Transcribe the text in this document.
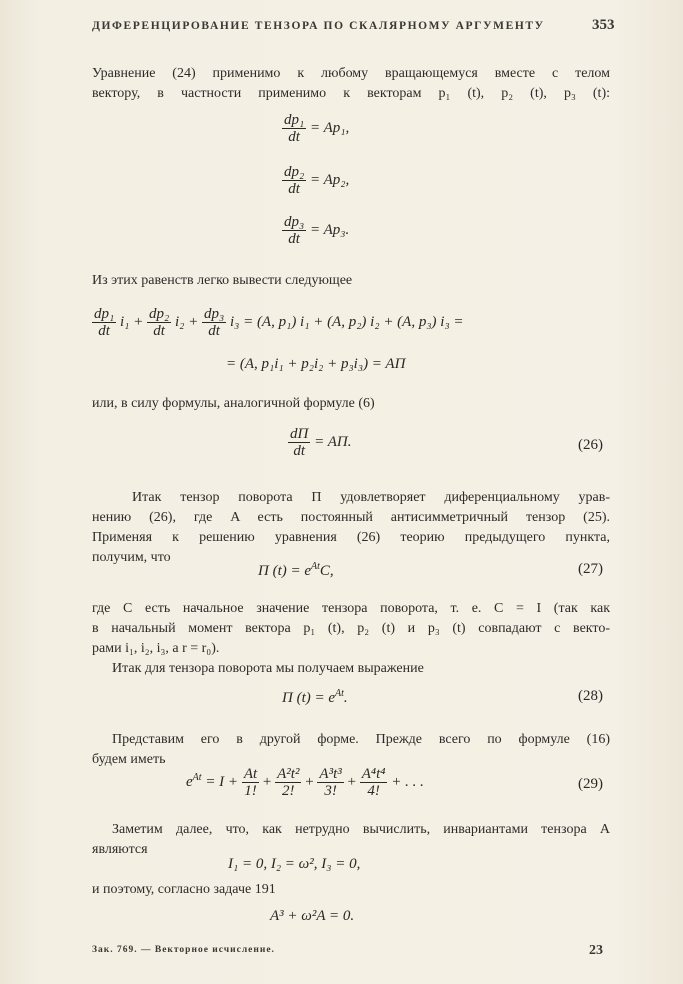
ДИФЕРЕНЦИРОВАНИЕ ТЕНЗОРА ПО СКАЛЯРНОМУ АРГУМЕНТУ	353
Уравнение (24) применимо к любому вращающемуся вместе с телом
вектору, в частности применимо к векторам p₁ (t), p₂ (t), p₃ (t):
$\frac{\text{dp₁}}{dt} = Ap_1$,
$\frac{\text{dp₂}}{dt} = Ap_2$,
$\frac{\text{dp₃}}{dt} = Ap_3$.
Из этих равенств легко вывести следующее
$\frac{\text{dp₁}}{dt} i_1 + \frac{\text{dp₂}}{dt} i_2 + \frac{\text{dp₃}}{dt} i_3 = (A$, p₁) i₁ + (A, p₂) i₂ + (A, p₃) i₃ =
= (A, p₁i₁ + p₂i₂ + p₃i₃) = AП
или, в силу формулы, аналогичной формуле (6)
$\frac{dП}{dt}$ = AП.	(26)
Итак тензор поворота П удовлетворяет диференциальному урав-
нению (26), где A есть постоянный антисимметричный тензор (25).
Применяя к решению уравнения (26) теорию предыдущего пункта,
получим, что
П $(t) = e^{At}C$,	(27)
где C есть начальное значение тензора поворота, т. е. C = I (так как
в начальный момент вектора p₁ (t), p₂ (t) и p₃ (t) совпадают с векто-
рами i₁, i₂, i₃, а r = r₀).
Итак для тензора поворота мы получаем выражение
П $(t) = e^{At}$.	(28)
Представим его в другой форме. Прежде всего по формуле (16)
будем иметь
$e^{At} = I + \frac{At}{1!} + \frac{\text{A²t²}}{2!} + \frac{\text{A³t³}}{3!} + \frac{\text{A⁴t⁴}}{4!}$ + . . .	(29)
Заметим далее, что, как нетрудно вычислить, инвариантами тензора A
являются
I₁ = 0, I₂ = ω², I₃ = 0,
и поэтому, согласно задаче 191
A³ + ω²A = 0.
Зак. 769. — Векторное исчисление.	23
